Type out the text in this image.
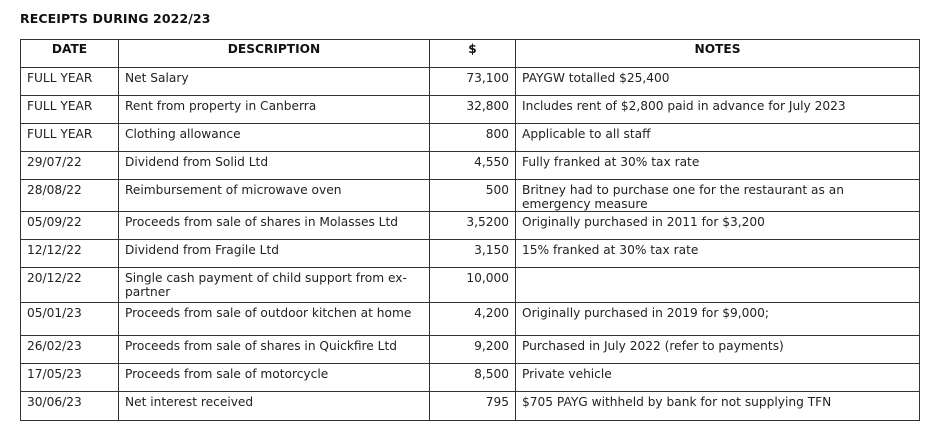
RECEIPTS DURING 2022/23
DATE	DESCRIPTION	$	NOTES
FULL YEAR	Net Salary	73,100	PAYGW totalled $25,400
FULL YEAR	Rent from property in Canberra	32,800	Includes rent of $2,800 paid in advance for July 2023
FULL YEAR	Clothing allowance	800	Applicable to all staff
29/07/22	Dividend from Solid Ltd	4,550	Fully franked at 30% tax rate
28/08/22	Reimbursement of microwave oven	500	Britney had to purchase one for the restaurant as an emergency measure
05/09/22	Proceeds from sale of shares in Molasses Ltd	3,5200	Originally purchased in 2011 for $3,200
12/12/22	Dividend from Fragile Ltd	3,150	15% franked at 30% tax rate
20/12/22	Single cash payment of child support from ex-partner	10,000	
05/01/23	Proceeds from sale of outdoor kitchen at home	4,200	Originally purchased in 2019 for $9,000;
26/02/23	Proceeds from sale of shares in Quickfire Ltd	9,200	Purchased in July 2022 (refer to payments)
17/05/23	Proceeds from sale of motorcycle	8,500	Private vehicle
30/06/23	Net interest received	795	$705 PAYG withheld by bank for not supplying TFN
